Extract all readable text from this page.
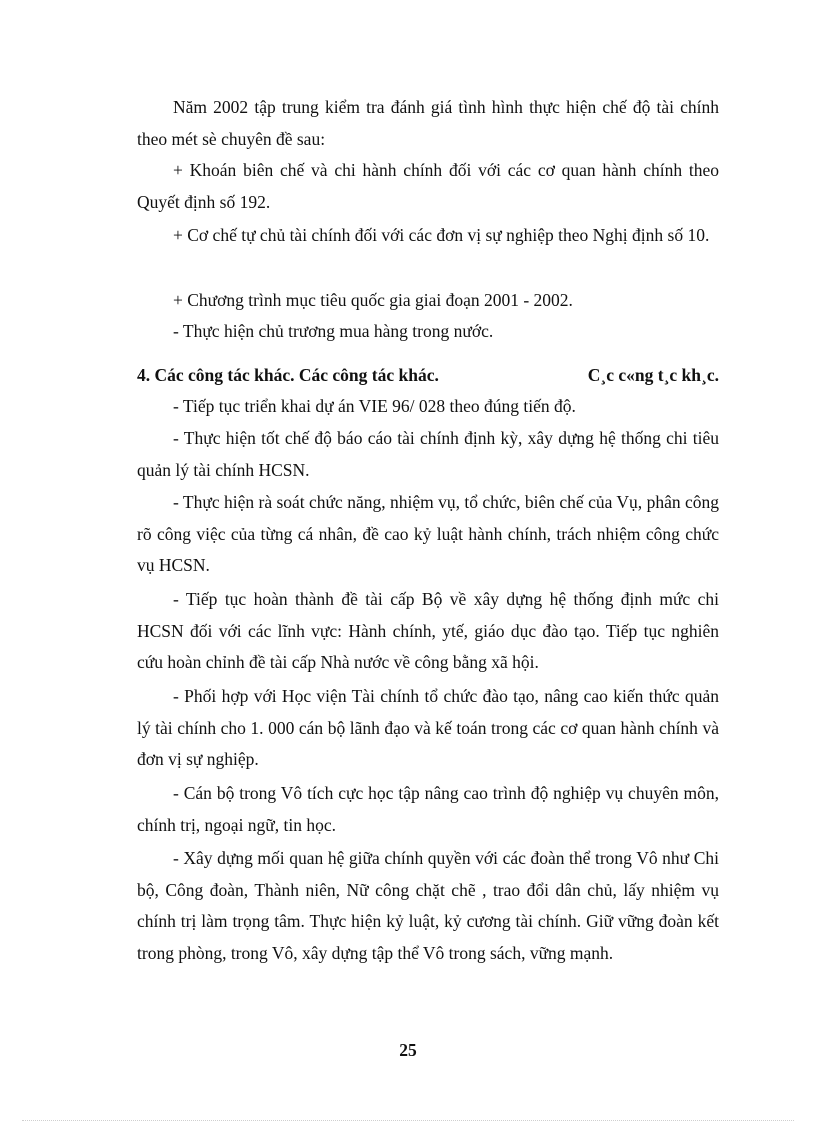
Năm 2002 tập trung kiểm tra đánh giá tình hình thực hiện chế độ tài chính theo mét sè chuyên đề sau:

+ Khoán biên chế và chi hành chính đối với các cơ quan hành chính theo Quyết định số 192.

+ Cơ chế tự chủ tài chính đối với các đơn vị sự nghiệp theo Nghị định số 10.

+ Chương trình mục tiêu quốc gia giai đoạn 2001 - 2002.

- Thực hiện chủ trương mua hàng trong nước.

4. Các công tác khác. Các công tác khác.	C¸c c«ng t¸c kh¸c.

- Tiếp tục triển khai dự án VIE 96/ 028 theo đúng tiến độ.

- Thực hiện tốt chế độ báo cáo tài chính định kỳ, xây dựng hệ thống chi tiêu quản lý tài chính HCSN.

- Thực hiện rà soát chức năng, nhiệm vụ, tổ chức, biên chế của Vụ, phân công rõ công việc của từng cá nhân, đề cao kỷ luật hành chính, trách nhiệm công chức vụ HCSN.

- Tiếp tục hoàn thành đề tài cấp Bộ về xây dựng hệ thống định mức chi HCSN đối với các lĩnh vực: Hành chính, ytế, giáo dục đào tạo. Tiếp tục nghiên cứu hoàn chỉnh đề tài cấp Nhà nước về công bằng xã hội.

- Phối hợp với Học viện Tài chính tổ chức đào tạo, nâng cao kiến thức quản lý tài chính cho 1. 000 cán bộ lãnh đạo và kế toán trong các cơ quan hành chính và đơn vị sự nghiệp.

- Cán bộ trong Vô tích cực học tập nâng cao trình độ nghiệp vụ chuyên môn, chính trị, ngoại ngữ, tin học.

- Xây dựng mối quan hệ giữa chính quyền với các đoàn thể trong Vô như Chi bộ, Công đoàn, Thành niên, Nữ công chặt chẽ , trao đổi dân chủ, lấy nhiệm vụ chính trị làm trọng tâm. Thực hiện kỷ luật, kỷ cương tài chính. Giữ vững đoàn kết trong phòng, trong Vô, xây dựng tập thể Vô trong sách, vững mạnh.

25
